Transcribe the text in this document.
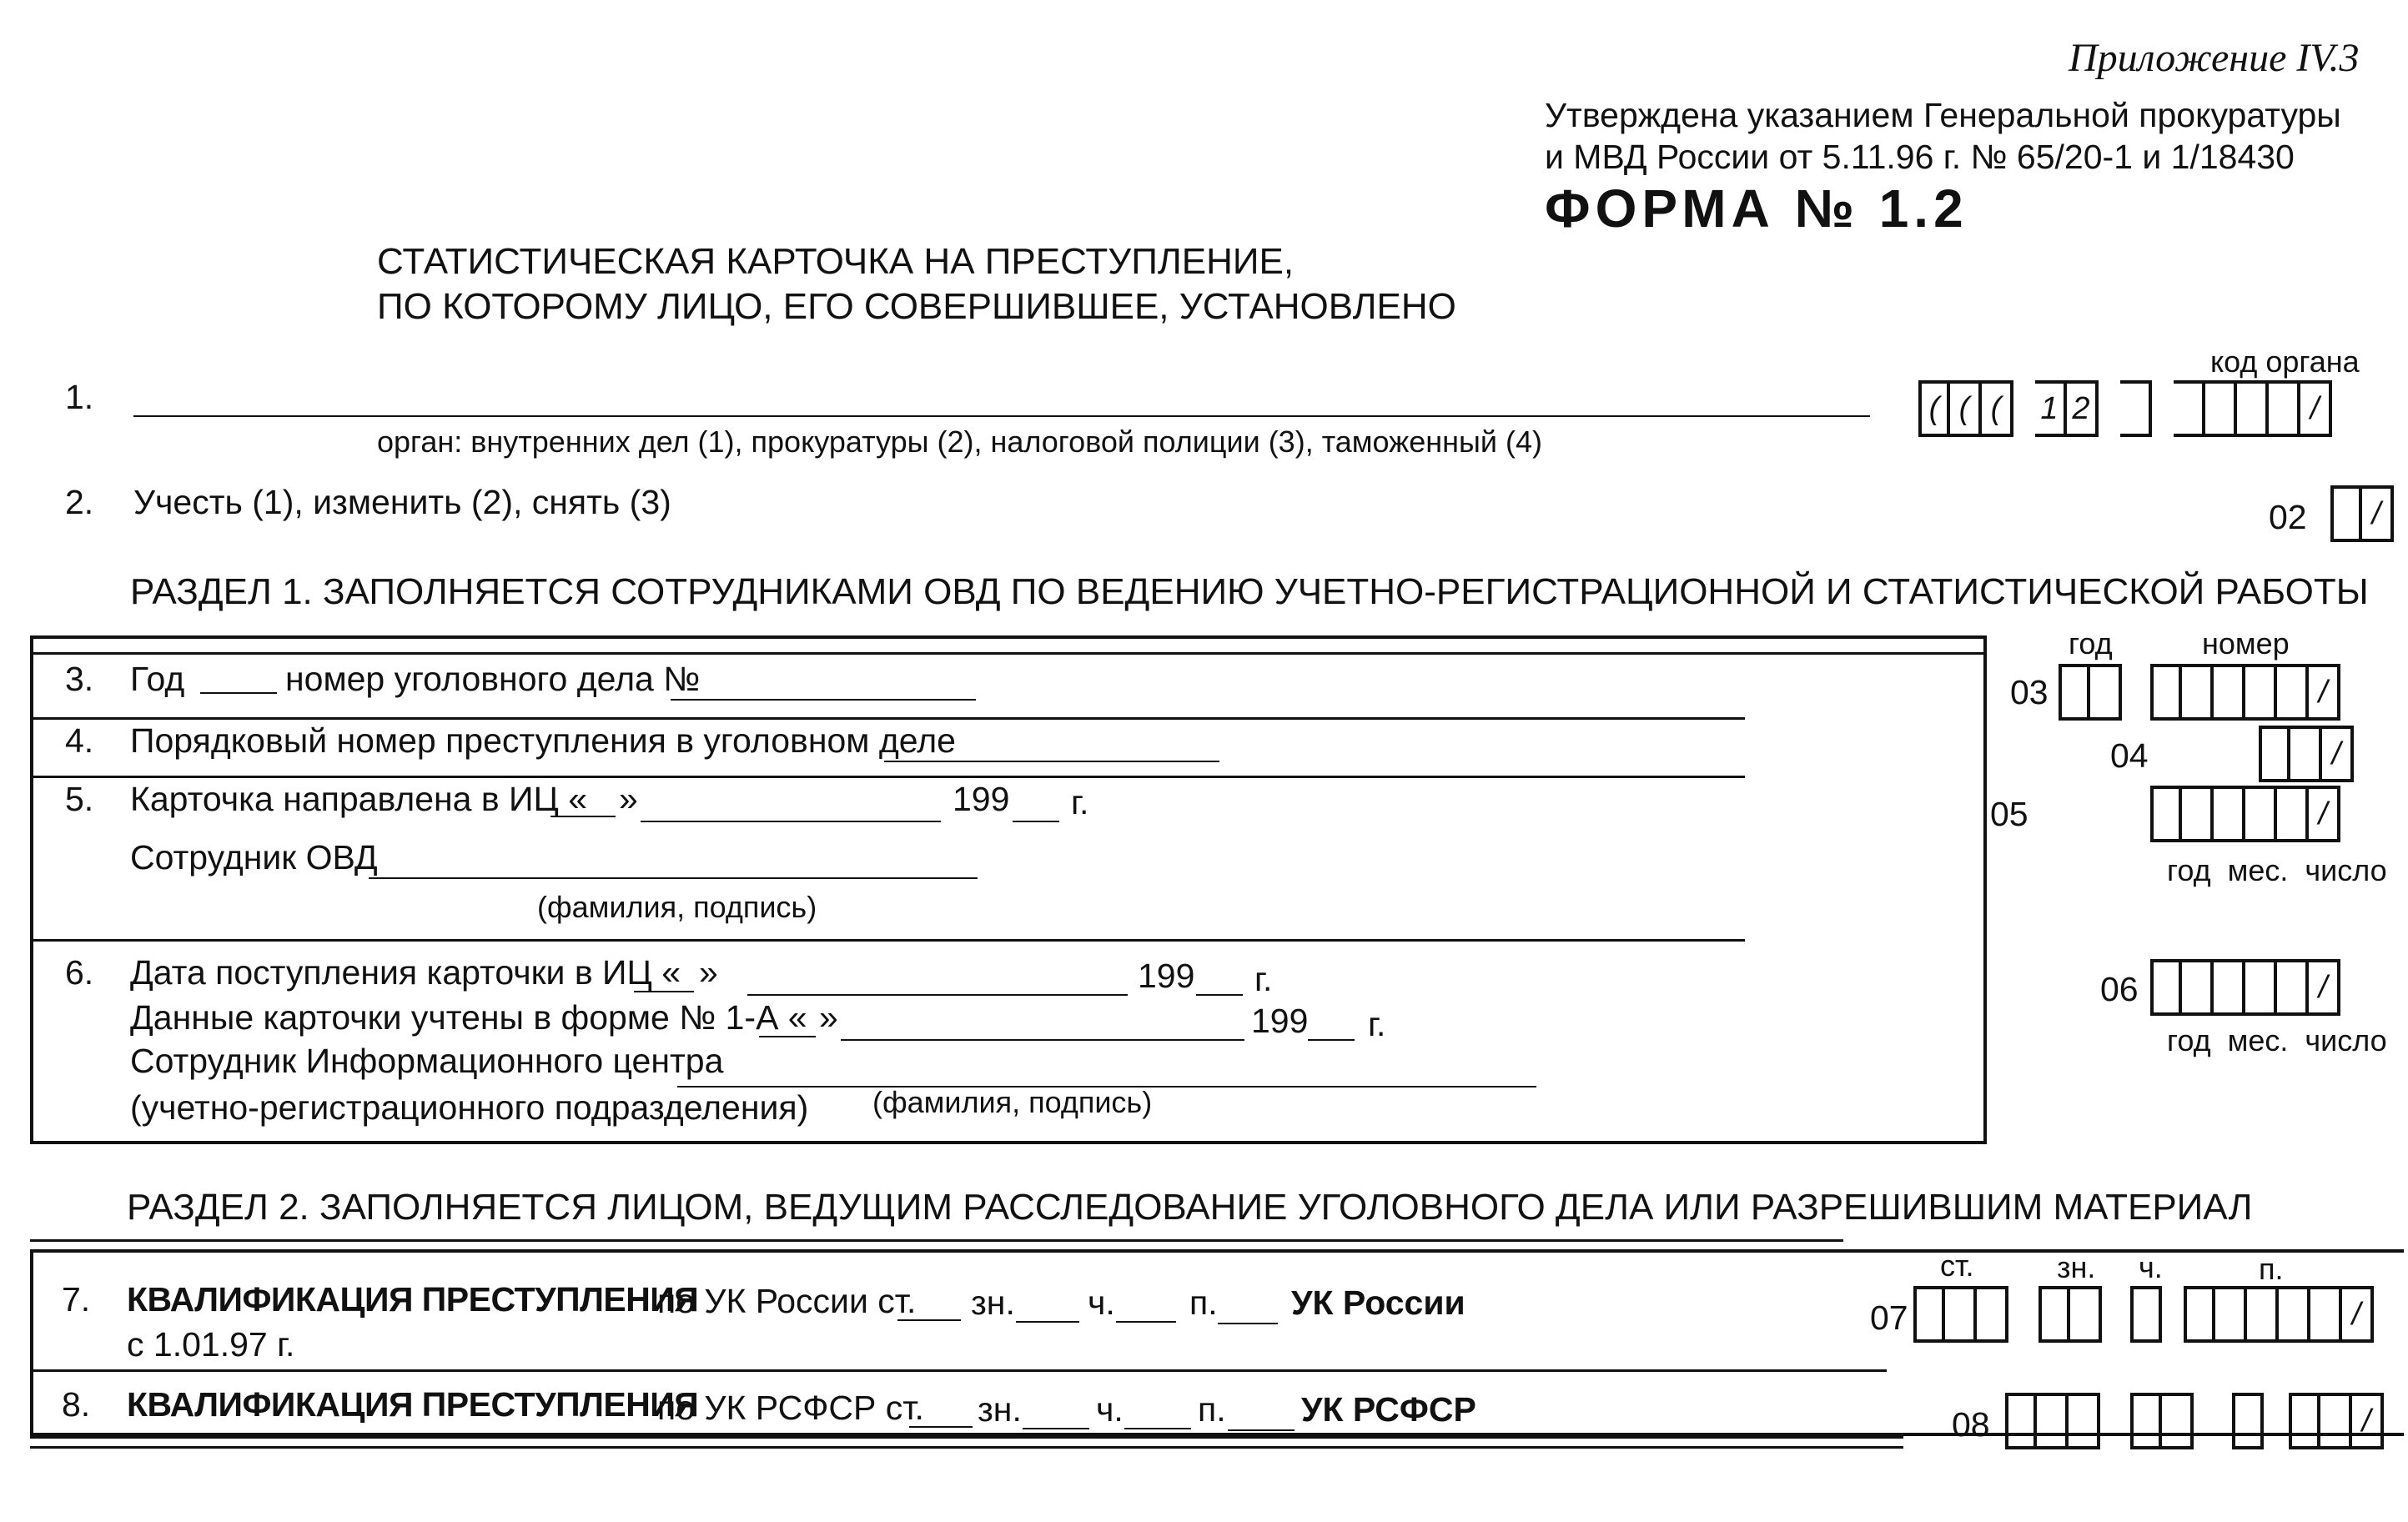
Приложение IV.3
Утверждена указанием Генеральной прокуратуры
и МВД России от 5.11.96 г. № 65/20-1 и 1/18430
ФОРМА № 1.2
СТАТИСТИЧЕСКАЯ КАРТОЧКА НА ПРЕСТУПЛЕНИЕ,
ПО КОТОРОМУ ЛИЦО, ЕГО СОВЕРШИВШЕЕ, УСТАНОВЛЕНО
1.
орган: внутренних дел (1), прокуратуры (2), налоговой полиции (3), таможенный (4)
код органа
( ( (	1 2	/
2. Учесть (1), изменить (2), снять (3)	02	/
РАЗДЕЛ 1. ЗАПОЛНЯЕТСЯ СОТРУДНИКАМИ ОВД ПО ВЕДЕНИЮ УЧЕТНО-РЕГИСТРАЦИОННОЙ И СТАТИСТИЧЕСКОЙ РАБОТЫ
год	номер
3. Год	номер уголовного дела №	03	/
4. Порядковый номер преступления в уголовном деле	04	/
5. Карточка направлена в ИЦ « »	199 г.
Сотрудник ОВД
(фамилия, подпись)
05	/
год  мес.  число
6. Дата поступления карточки в ИЦ « »	199 г.
Данные карточки учтены в форме № 1-А « »	199 г.
Сотрудник Информационного центра
(учетно-регистрационного подразделения) (фамилия, подпись)
06	/
год  мес.  число
РАЗДЕЛ 2. ЗАПОЛНЯЕТСЯ ЛИЦОМ, ВЕДУЩИМ РАССЛЕДОВАНИЕ УГОЛОВНОГО ДЕЛА ИЛИ РАЗРЕШИВШИМ МАТЕРИАЛ
ст.	зн. ч.	п.
7. КВАЛИФИКАЦИЯ ПРЕСТУПЛЕНИЯ
по УК России ст. зн. ч. п. УК России
с 1.01.97 г.
07	/
8. КВАЛИФИКАЦИЯ ПРЕСТУПЛЕНИЯ
по УК РСФСР ст. зн. ч. п. УК РСФСР	08	/
